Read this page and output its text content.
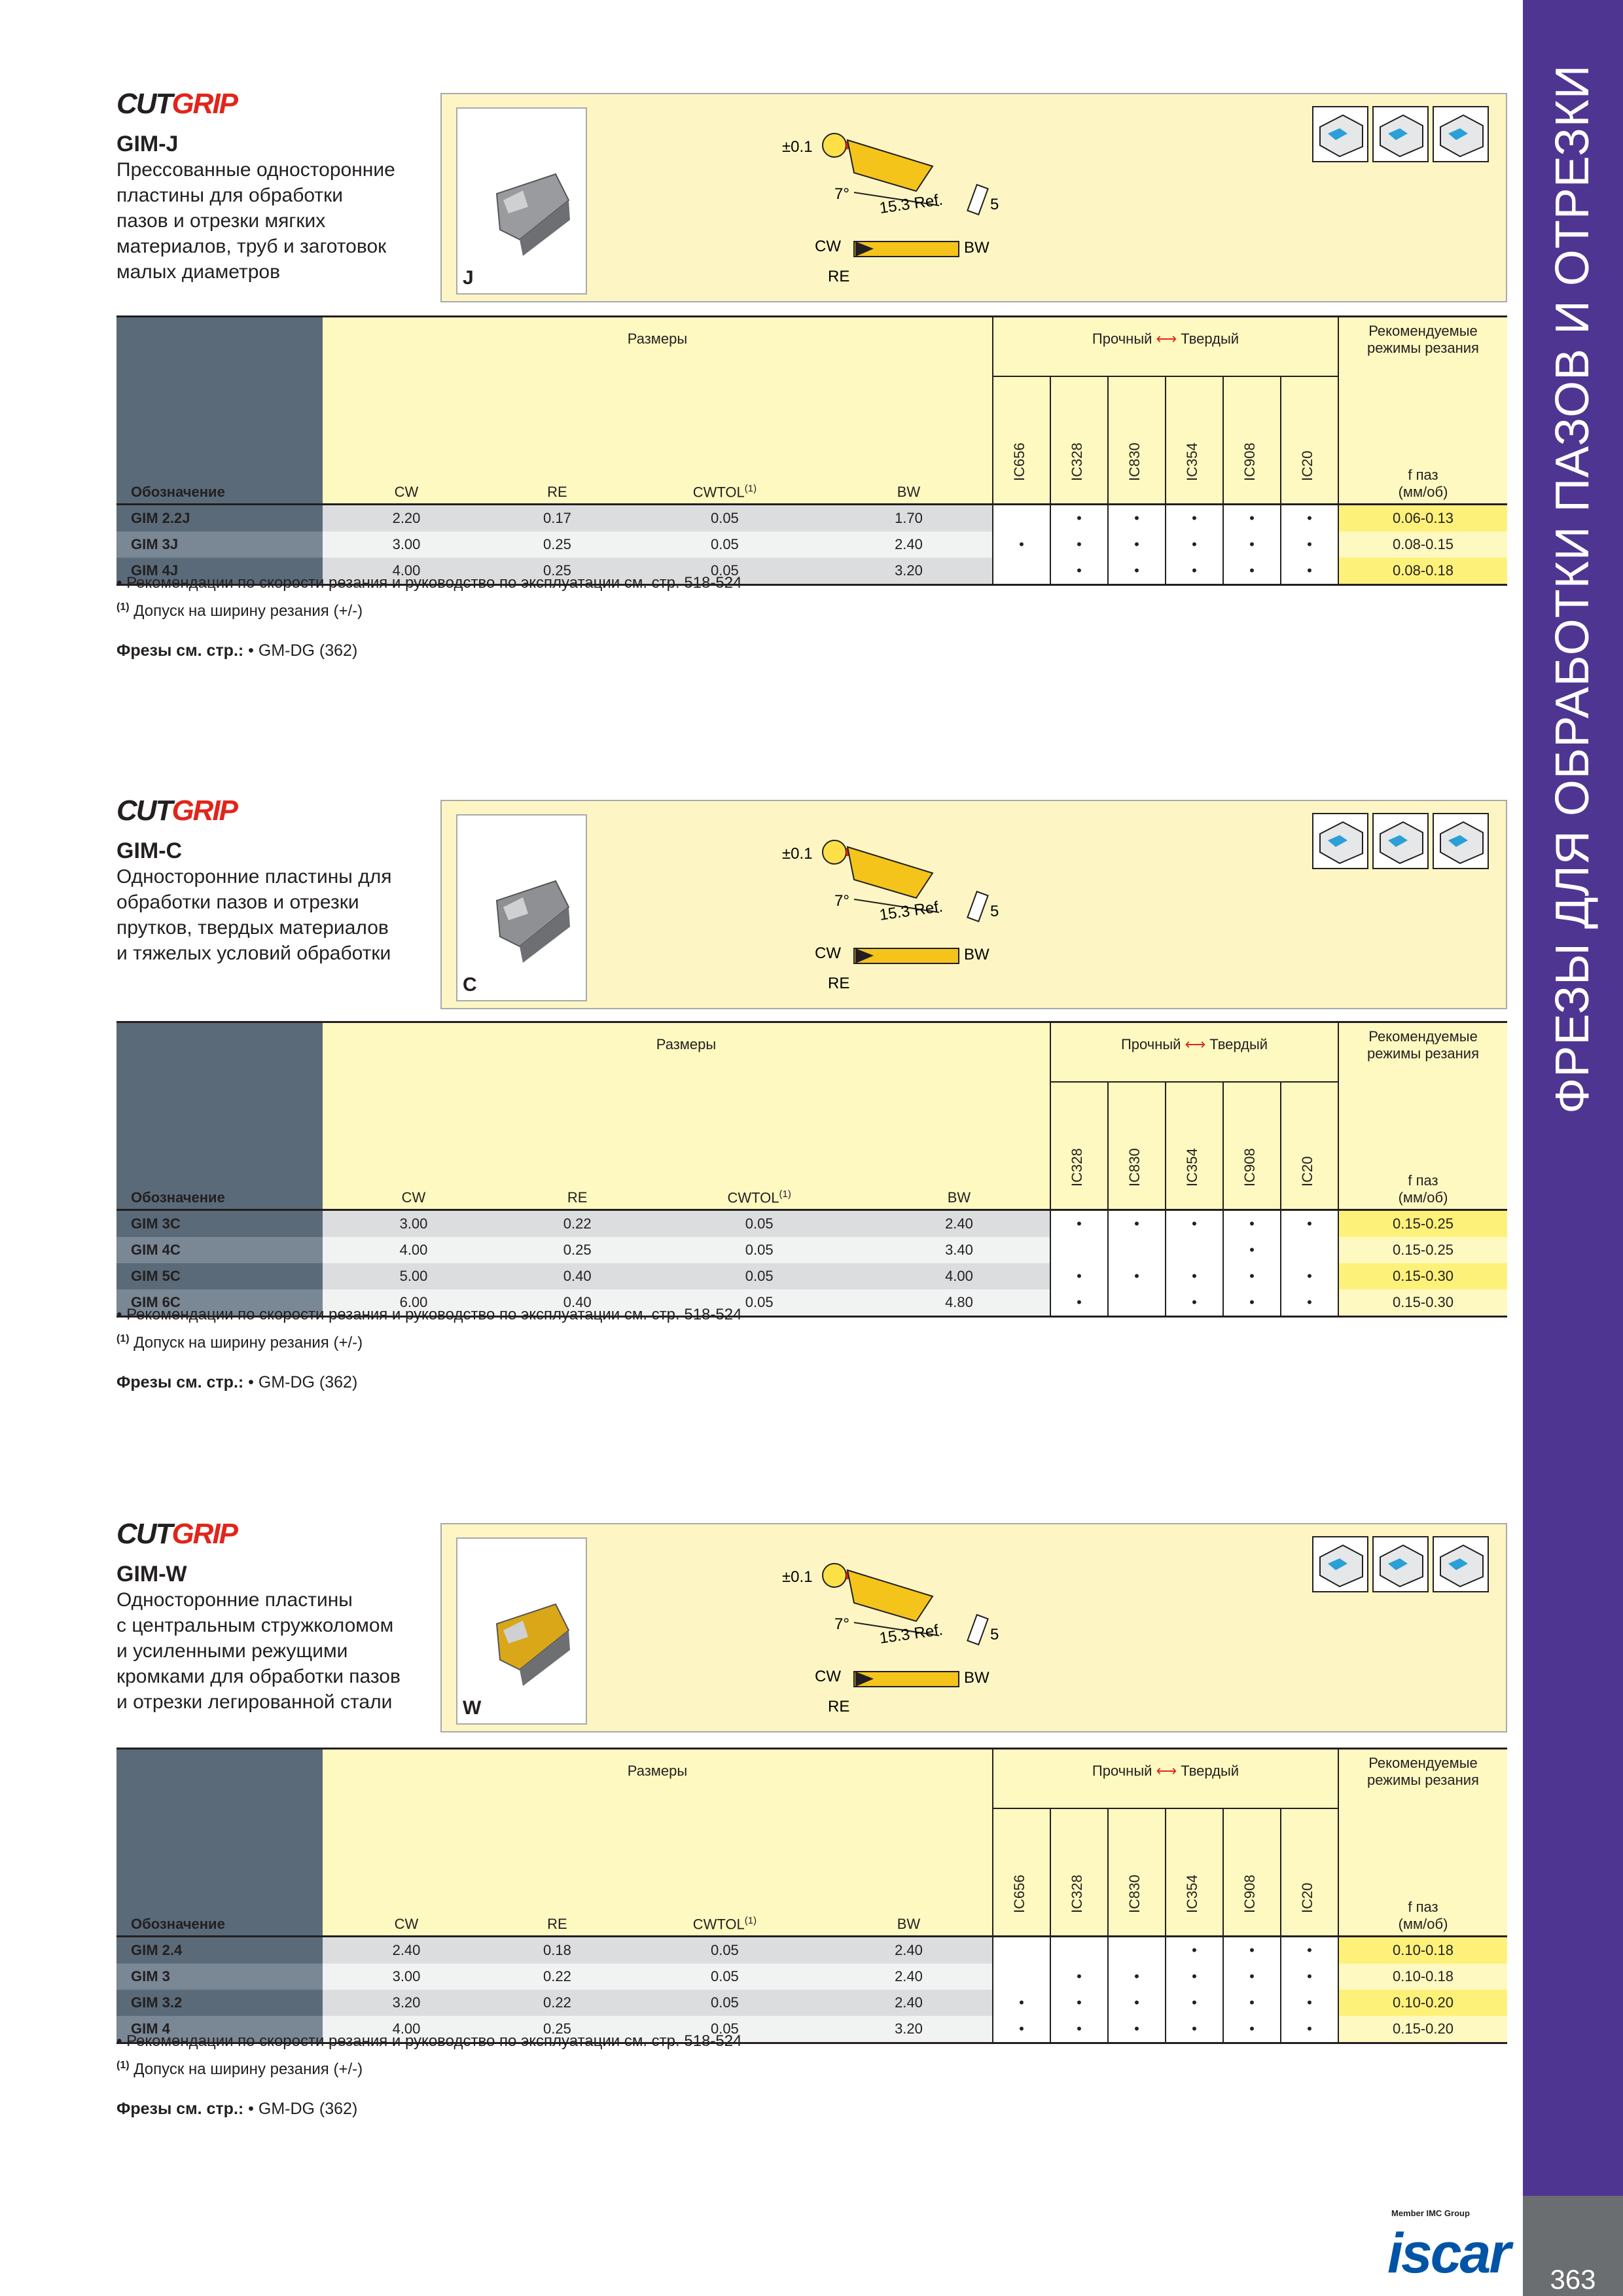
ФРЕЗЫ ДЛЯ ОБРАБОТКИ ПАЗОВ И ОТРЕЗКИ
363
Member IMC Group
iscar
CUTGRIP
GIM-J
Прессованные односторонние
пластины для обработки
пазов и отрезки мягких
материалов, труб и заготовок
малых диаметров	J
±0.1
7° 15.3 Ref.	5
CW	BW
RE
Обозначение	Размеры				Прочный ⟷ Твердый						Рекомендуемые
режимы резания

	CW	RE	CWTOL$^{(1)}$	BW	IC656	IC328	IC830	IC354	IC908	IC20	f паз
(мм/об)

GIM 2.2J	2.20	0.17	0.05	1.70		•	•	•	•	•	0.06-0.13
GIM 3J	3.00	0.25	0.05	2.40	•	•	•	•	•	•	0.08-0.15
GIM 4J	4.00	0.25	0.05	3.20		•	•	•	•	•	0.08-0.18

• Рекомендации по скорости резания и руководство по эксплуатации см. стр. 518-524
$^{(1)}$ Допуск на ширину резания (+/-)
Фрезы см. стр.: • GM-DG (362)
CUTGRIP
GIM-C
Односторонние пластины для
обработки пазов и отрезки
прутков, твердых материалов
и тяжелых условий обработки
C
±0.1
7° 15.3 Ref.	5
CW	BW
RE
Обозначение	Размеры				Прочный ⟷ Твердый					Рекомендуемые
режимы резания

	CW	RE	CWTOL$^{(1)}$	BW	IC328	IC830	IC354	IC908	IC20	f паз
(мм/об)

GIM 3C	3.00	0.22	0.05	2.40	•	•	•	•	•	0.15-0.25
GIM 4C	4.00	0.25	0.05	3.40				•		0.15-0.25
GIM 5C	5.00	0.40	0.05	4.00	•	•	•	•	•	0.15-0.30
GIM 6C	6.00	0.40	0.05	4.80	•		•	•	•	0.15-0.30

• Рекомендации по скорости резания и руководство по эксплуатации см. стр. 518-524
$^{(1)}$ Допуск на ширину резания (+/-)
Фрезы см. стр.: • GM-DG (362)
CUTGRIP
GIM-W
Односторонние пластины
с центральным стружколомом
и усиленными режущими
кромками для обработки пазов
и отрезки легированной стали	W
±0.1
7° 15.3 Ref.	5
CW	BW
RE
Обозначение	Размеры				Прочный ⟷ Твердый						Рекомендуемые
режимы резания

	CW	RE	CWTOL$^{(1)}$	BW	IC656	IC328	IC830	IC354	IC908	IC20	f паз
(мм/об)

GIM 2.4	2.40	0.18	0.05	2.40				•	•	•	0.10-0.18
GIM 3	3.00	0.22	0.05	2.40		•	•	•	•	•	0.10-0.18
GIM 3.2	3.20	0.22	0.05	2.40	•	•	•	•	•	•	0.10-0.20
GIM 4	4.00	0.25	0.05	3.20	•	•	•	•	•	•	0.15-0.20

• Рекомендации по скорости резания и руководство по эксплуатации см. стр. 518-524
$^{(1)}$ Допуск на ширину резания (+/-)
Фрезы см. стр.: • GM-DG (362)
